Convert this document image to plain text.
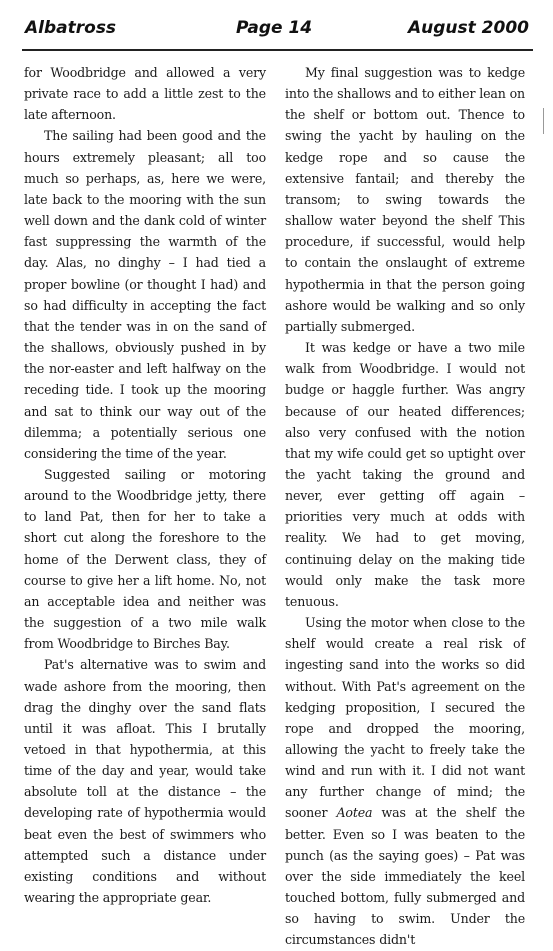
Albatross	Page 14	August 2000

for Woodbridge and allowed a very private race to add a little zest to the late afternoon.

The sailing had been good and the hours extremely pleasant; all too much so perhaps, as, here we were, late back to the mooring with the sun well down and the dank cold of winter fast suppressing the warmth of the day. Alas, no dinghy – I had tied a proper bowline (or thought I had) and so had difficulty in accepting the fact that the tender was in on the sand of the shallows, obviously pushed in by the nor-easter and left halfway on the receding tide. I took up the mooring and sat to think our way out of the dilemma; a potentially serious one considering the time of the year.

Suggested sailing or motoring around to the Woodbridge jetty, there to land Pat, then for her to take a short cut along the foreshore to the home of the Derwent class, they of course to give her a lift home. No, not an acceptable idea and neither was the suggestion of a two mile walk from Woodbridge to Birches Bay.

Pat's alternative was to swim and wade ashore from the mooring, then drag the dinghy over the sand flats until it was afloat. This I brutally vetoed in that hypothermia, at this time of the day and year, would take absolute toll at the distance – the developing rate of hypothermia would beat even the best of swimmers who attempted such a distance under existing conditions and without wearing the appropriate gear.

My final suggestion was to kedge into the shallows and to either lean on the shelf or bottom out. Thence to swing the yacht by hauling on the kedge rope and so cause the extensive fantail; and thereby the transom; to swing towards the shallow water beyond the shelf This procedure, if successful, would help to contain the onslaught of extreme hypothermia in that the person going ashore would be walking and so only partially submerged.

It was kedge or have a two mile walk from Woodbridge. I would not budge or haggle further. Was angry because of our heated differences; also very confused with the notion that my wife could get so uptight over the yacht taking the ground and never, ever getting off again – priorities very much at odds with reality. We had to get moving, continuing delay on the making tide would only make the task more tenuous.

Using the motor when close to the shelf would create a real risk of ingesting sand into the works so did without. With Pat's agreement on the kedging proposition, I secured the rope and dropped the mooring, allowing the yacht to freely take the wind and run with it. I did not want any further change of mind; the sooner Aotea was at the shelf the better. Even so I was beaten to the punch (as the saying goes) – Pat was over the side immediately the keel touched bottom, fully submerged and so having to swim. Under the circumstances didn't
